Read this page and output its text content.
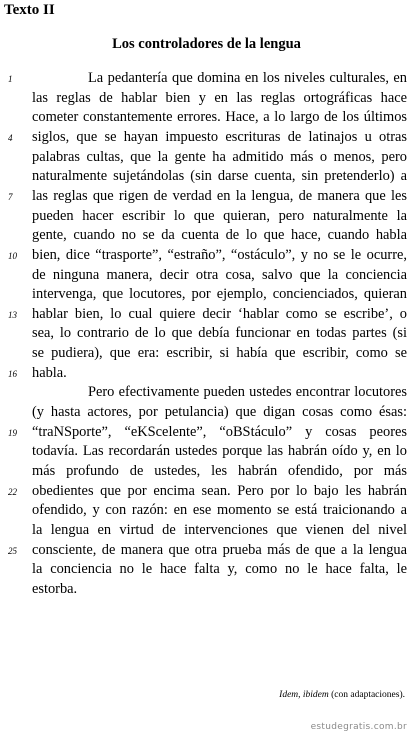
Texto II
Los controladores de la lengua
La pedantería que domina en los niveles culturales, en
las reglas de hablar bien y en las reglas ortográficas hace
cometer constantemente errores. Hace, a lo largo de los últimos
siglos, que se hayan impuesto escrituras de latinajos u otras
palabras cultas, que la gente ha admitido más o menos, pero
naturalmente sujetándolas (sin darse cuenta, sin pretenderlo) a
las reglas que rigen de verdad en la lengua, de manera que les
pueden hacer escribir lo que quieran, pero naturalmente la
gente, cuando no se da cuenta de lo que hace, cuando habla
bien, dice “trasporte”, “estraño”, “ostáculo”, y no se le ocurre,
de ninguna manera, decir otra cosa, salvo que la conciencia
intervenga, que locutores, por ejemplo, concienciados, quieran
hablar bien, lo cual quiere decir ‘hablar como se escribe’, o
sea, lo contrario de lo que debía funcionar en todas partes (si
se pudiera), que era: escribir, si había que escribir, como se
habla.
Pero efectivamente pueden ustedes encontrar locutores
(y hasta actores, por petulancia) que digan cosas como ésas:
“traNSporte”, “eKScelente”, “oBStáculo” y cosas peores
todavía. Las recordarán ustedes porque las habrán oído y, en lo
más profundo de ustedes, les habrán ofendido, por más
obedientes que por encima sean. Pero por lo bajo les habrán
ofendido, y con razón: en ese momento se está traicionando a
la lengua en virtud de intervenciones que vienen del nivel
consciente, de manera que otra prueba más de que a la lengua
la conciencia no le hace falta y, como no le hace falta, le
estorba.
1
4
7
10
13
16
19
22
25
Idem, ibidem (con adaptaciones).
estudegratis.com.br
